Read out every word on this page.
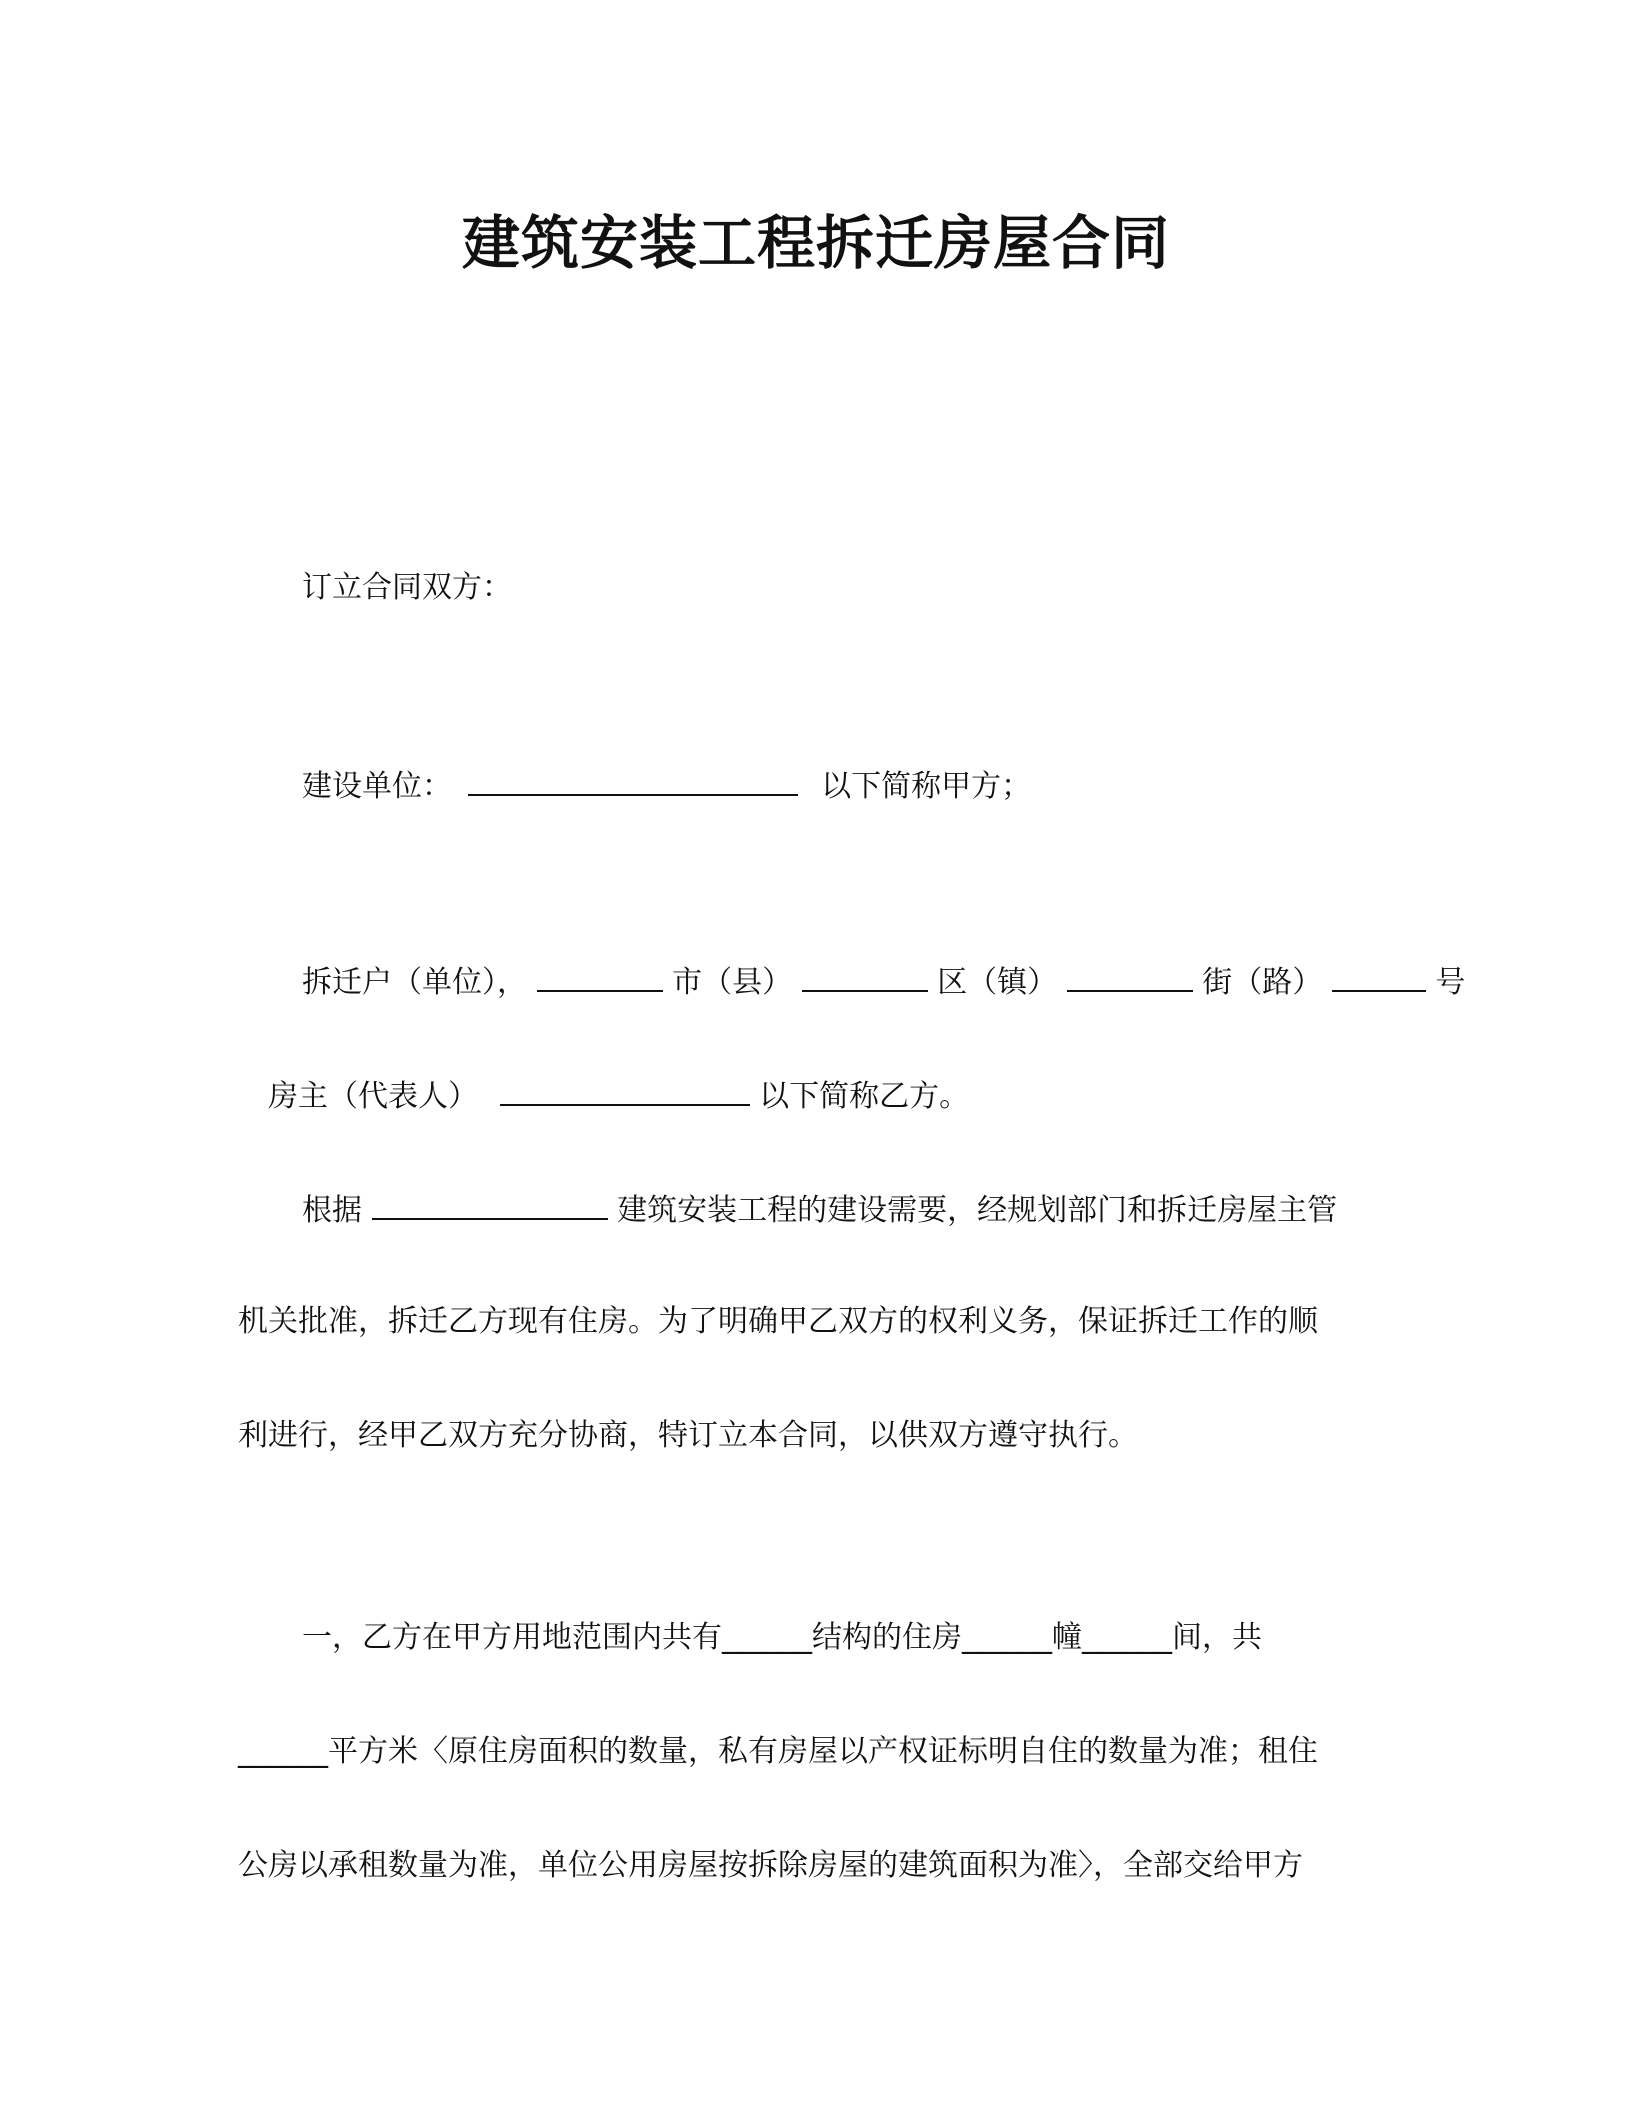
建筑安装工程拆迁房屋合同
订立合同双方：
建设单位：	以下简称甲方；
拆迁户（单位），	市（县）	区（镇）	街（路）	号
房主（代表人）	以下简称乙方。
根据	建筑安装工程的建设需要，经规划部门和拆迁房屋主管
机关批准，拆迁乙方现有住房。为了明确甲乙双方的权利义务，保证拆迁工作的顺
利进行，经甲乙双方充分协商，特订立本合同，以供双方遵守执行。
一，乙方在甲方用地范围内共有______结构的住房______幢______间，共
______平方米〈原住房面积的数量，私有房屋以产权证标明自住的数量为准；租住
公房以承租数量为准，单位公用房屋按拆除房屋的建筑面积为准〉，全部交给甲方
